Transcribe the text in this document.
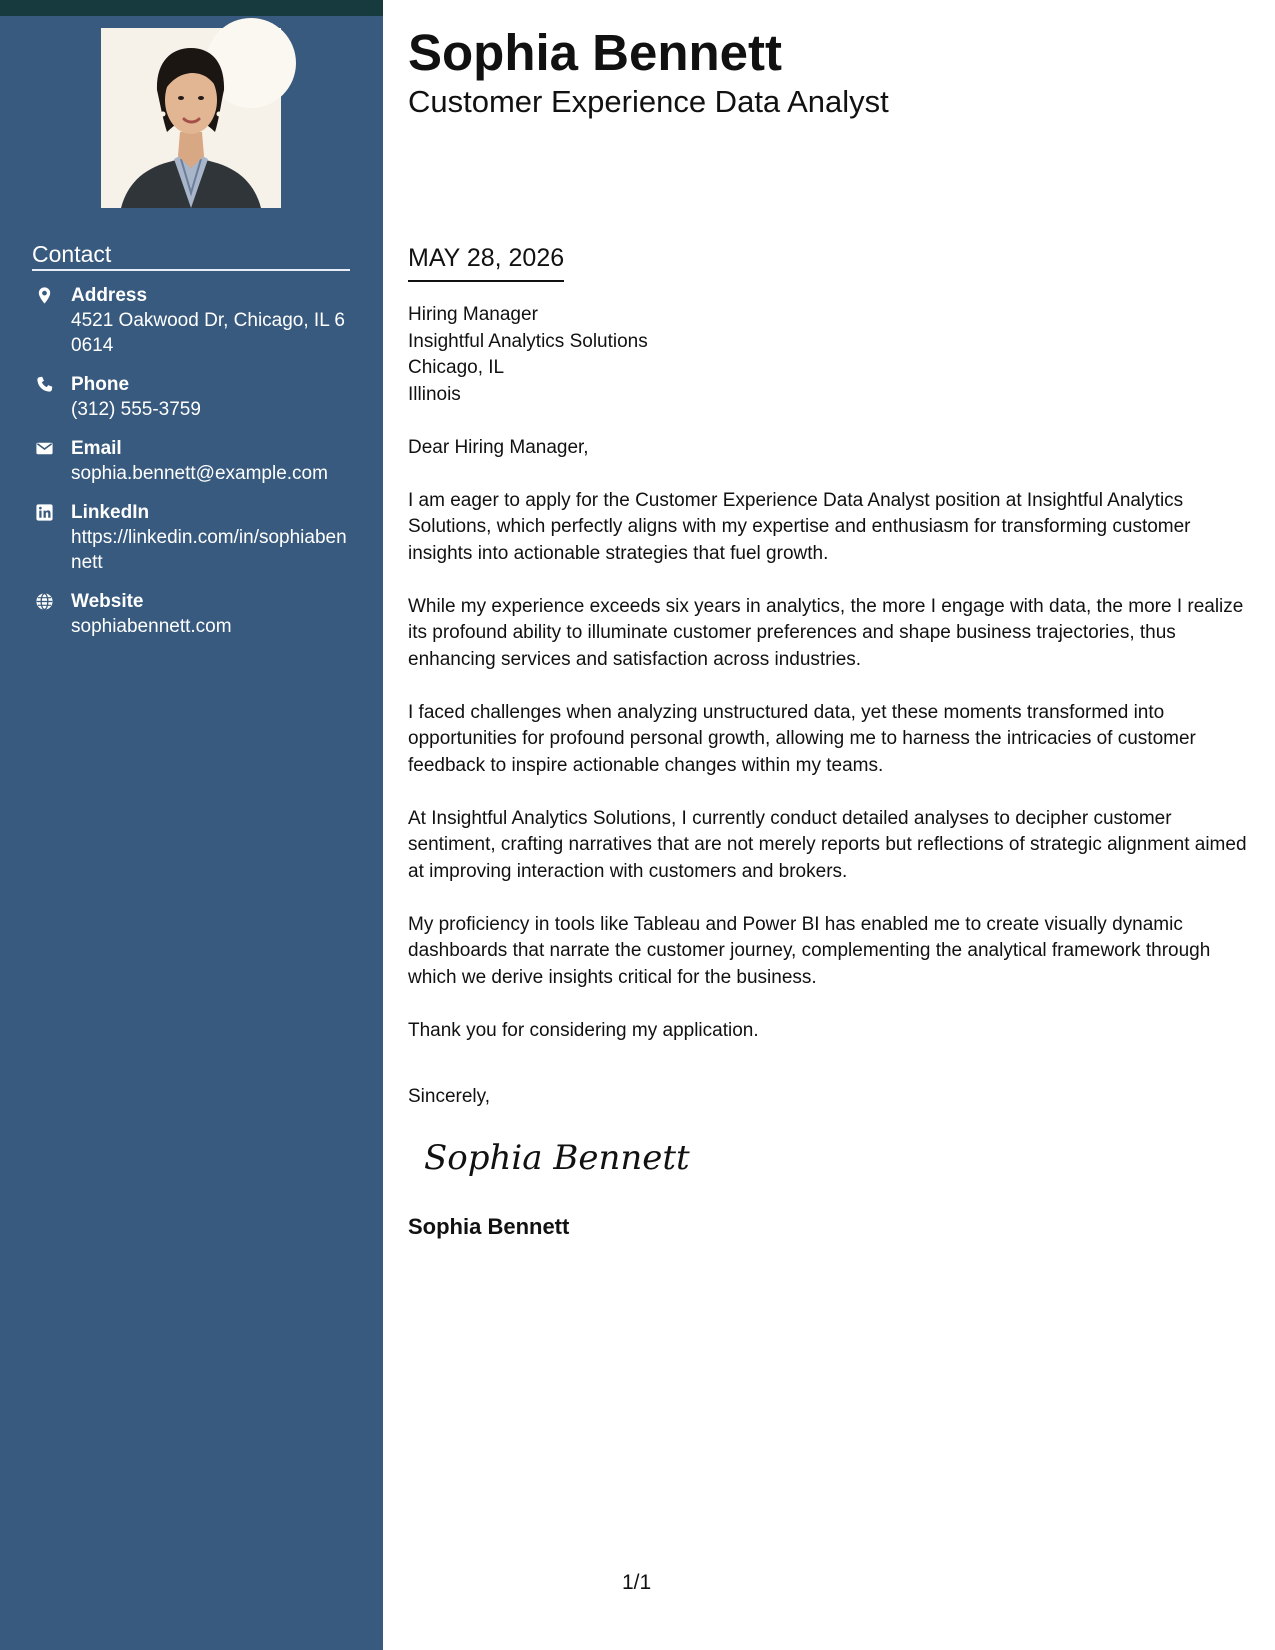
Contact
Address
4521 Oakwood Dr, Chicago, IL 60614
Phone
(312) 555-3759
Email
sophia.bennett@example.com
LinkedIn
https://linkedin.com/in/sophiabennett
Website
sophiabennett.com
Sophia Bennett
Customer Experience Data Analyst
MAY 28, 2026

Hiring Manager
Insightful Analytics Solutions
Chicago, IL
Illinois

Dear Hiring Manager,

I am eager to apply for the Customer Experience Data Analyst position at Insightful Analytics Solutions, which perfectly aligns with my expertise and enthusiasm for transforming customer insights into actionable strategies that fuel growth.

While my experience exceeds six years in analytics, the more I engage with data, the more I realize its profound ability to illuminate customer preferences and shape business trajectories, thus enhancing services and satisfaction across industries.

I faced challenges when analyzing unstructured data, yet these moments transformed into opportunities for profound personal growth, allowing me to harness the intricacies of customer feedback to inspire actionable changes within my teams.

At Insightful Analytics Solutions, I currently conduct detailed analyses to decipher customer sentiment, crafting narratives that are not merely reports but reflections of strategic alignment aimed at improving interaction with customers and brokers.

My proficiency in tools like Tableau and Power BI has enabled me to create visually dynamic dashboards that narrate the customer journey, complementing the analytical framework through which we derive insights critical for the business.

Thank you for considering my application.

Sincerely,

Sophia Bennett
Sophia Bennett
1/1
